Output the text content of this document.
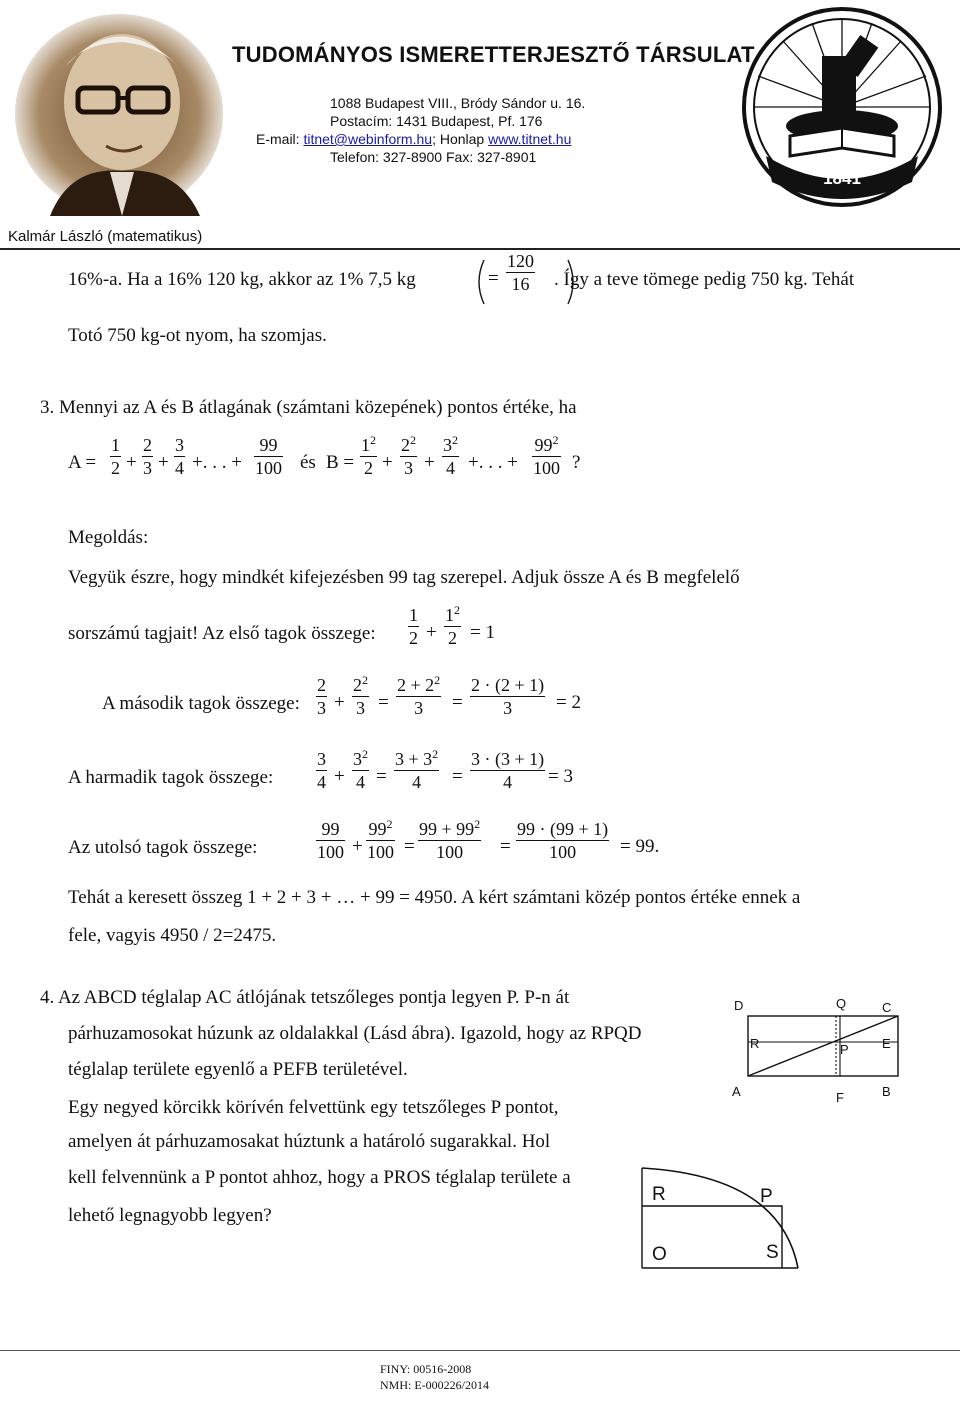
TUDOMÁNYOS ISMERETTERJESZTŐ TÁRSULAT
1088 Budapest VIII., Bródy Sándor u. 16.
Postacím: 1431 Budapest, Pf. 176
E-mail: titnet@webinform.hu; Honlap www.titnet.hu
Telefon: 327-8900 Fax: 327-8901
1841
Kalmár László (matematikus)
16%-a. Ha a 16% 120 kg, akkor az 1% 7,5 kg	=
120
16 . Így a teve tömege pedig 750 kg. Tehát
Totó 750 kg-ot nyom, ha szomjas.
3. Mennyi az A és B átlagának (számtani közepének) pontos értéke, ha
A =
1
2 +
2
3 +
3
4 +. . . +
99
100 és B =
$1^2$
2 +
$2^2$
3 +
$3^2$
4 +. . . +
$99^2$
100 ?
Megoldás:
Vegyük észre, hogy mindkét kifejezésben 99 tag szerepel. Adjuk össze A és B megfelelő
sorszámú tagjait! Az első tagok összege:
1
2 +
$1^2$
2 = 1
A második tagok összege:
2
3 +
$2^2$
3 =
$2 + 2^2$
3 =
2 · (2 + 1)
3 = 2
A harmadik tagok összege:
3
4 +
$3^2$
4 =
$3 + 3^2$
4 =
3 · (3 + 1)
4 = 3
Az utolsó tagok összege:
99
100 +
$99^2$
100 =
$99 + 99^2$
100 =
99 · (99 + 1)
100 = 99.
Tehát a keresett összeg 1 + 2 + 3 + … + 99 = 4950. A kért számtani közép pontos értéke ennek a
fele, vagyis 4950 / 2=2475.
4. Az ABCD téglalap AC átlójának tetszőleges pontja legyen P. P-n át
párhuzamosokat húzunk az oldalakkal (Lásd ábra). Igazold, hogy az RPQD
téglalap területe egyenlő a PEFB területével.
Egy negyed körcikk körívén felvettünk egy tetszőleges P pontot,
amelyen át párhuzamosakat húztunk a határoló sugarakkal. Hol
kell felvennünk a P pontot ahhoz, hogy a PROS téglalap területe a
lehető legnagyobb legyen?
D	Q	C
R	P	E
A	F	B
R	P
O	S
FINY: 00516-2008
NMH: E-000226/2014
